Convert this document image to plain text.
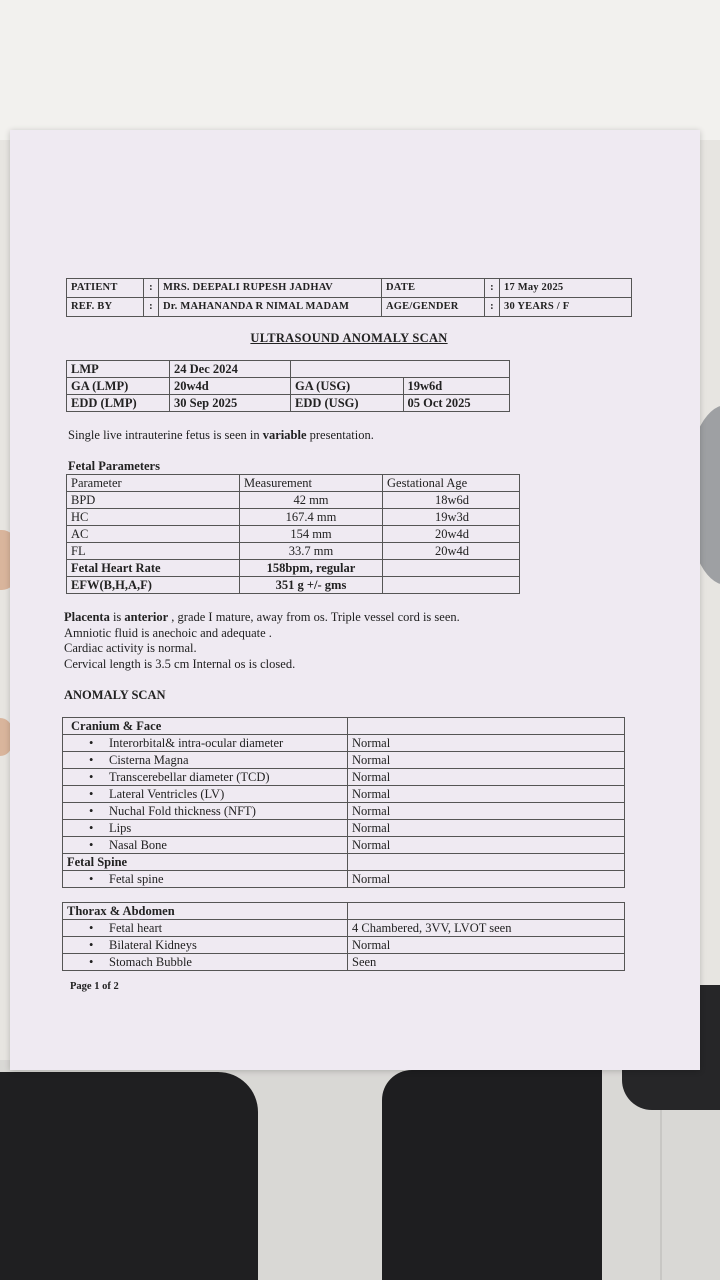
PATIENT	:	MRS. DEEPALI RUPESH JADHAV	DATE	:	17 May 2025
REF. BY	:	Dr. MAHANANDA R NIMAL MADAM	AGE/GENDER	:	30 YEARS / F
ULTRASOUND ANOMALY SCAN
LMP	24 Dec 2024		
GA (LMP)	20w4d	GA (USG)	19w6d
EDD (LMP)	30 Sep 2025	EDD (USG)	05 Oct 2025
Single live intrauterine fetus is seen in variable presentation.
Fetal Parameters
Parameter	Measurement	Gestational Age
BPD	42 mm	18w6d
HC	167.4 mm	19w3d
AC	154 mm	20w4d
FL	33.7 mm	20w4d
Fetal Heart Rate	158bpm, regular	
EFW(B,H,A,F)	351 g +/- gms	
Placenta is anterior , grade I mature, away from os. Triple vessel cord is seen.
Amniotic fluid is anechoic and adequate .
Cardiac activity is normal.
Cervical length is 3.5 cm Internal os is closed.
ANOMALY SCAN
Cranium & Face	
• Interorbital& intra-ocular diameter	Normal
• Cisterna Magna	Normal
• Transcerebellar diameter (TCD)	Normal
• Lateral Ventricles (LV)	Normal
• Nuchal Fold thickness (NFT)	Normal
• Lips	Normal
• Nasal Bone	Normal
Fetal Spine	
• Fetal spine	Normal
Thorax & Abdomen	
• Fetal heart	4 Chambered, 3VV, LVOT seen
• Bilateral Kidneys	Normal
• Stomach Bubble	Seen
Page 1 of 2
